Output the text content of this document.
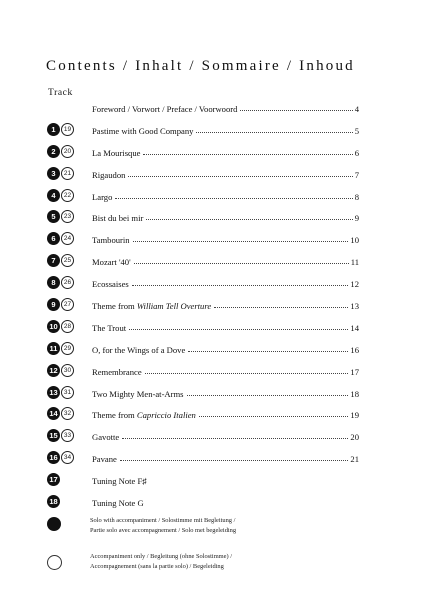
Contents / Inhalt / Sommaire / Inhoud
Track
Foreword / Vorwort / Preface / Voorwoord	4
1	19	Pastime with Good Company	5
2	20	La Mourisque	6
3	21	Rigaudon	7
4	22	Largo	8
5	23	Bist du bei mir	9
6	24	Tambourin	10
7	25	Mozart '40'	11
8	26	Ecossaises	12
9	27	Theme from William Tell Overture	13
10 28	The Trout	14
11 29	O, for the Wings of a Dove	16
12 30	Remembrance	17
13 31	Two Mighty Men-at-Arms	18
14 32	Theme from Capriccio Italien	19
15 33	Gavotte	20
16 34	Pavane	21
17	Tuning Note F♯
18	Tuning Note G
Solo with accompaniment / Solostimme mit Begleitung /
Partie solo avec accompagnement / Solo met begeleiding
Accompaniment only / Begleitung (ohne Solostimme) /
Accompagnement (sans la partie solo) / Begeleiding
